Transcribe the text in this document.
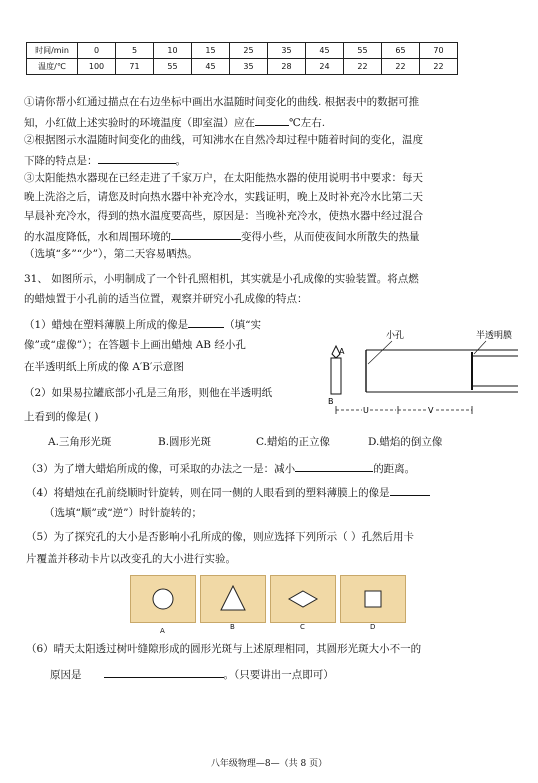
时间/min	0	5	10	15	25	35	45	55	65	70
温度/℃	100	71	55	45	35	28	24	22	22	22
①请你帮小红通过描点在右边坐标中画出水温随时间变化的曲线. 根据表中的数据可推
知，小红做上述实验时的环境温度（即室温）应在	℃左右.
②根据图示水温随时间变化的曲线，可知沸水在自然冷却过程中随着时间的变化，温度
下降的特点是：	。
③太阳能热水器现在已经走进了千家万户，在太阳能热水器的使用说明书中要求：每天
晚上洗浴之后，请您及时向热水器中补充冷水，实践证明，晚上及时补充冷水比第二天
早晨补充冷水，得到的热水温度要高些，原因是：当晚补充冷水，使热水器中经过混合
的水温度降低，水和周围环境的	变得小些，从而使夜间水所散失的热量
（选填“多”“少”），第二天容易晒热。
31、 如图所示，小明制成了一个针孔照相机，其实就是小孔成像的实验装置。将点燃
的蜡烛置于小孔前的适当位置，观察并研究小孔成像的特点：
（1）蜡烛在塑料薄膜上所成的像是	（填“实
像”或“虚像”）；在答题卡上画出蜡烛 AB 经小孔
在半透明纸上所成的像 A′B′示意图
（2）如果易拉罐底部小孔是三角形，则他在半透明纸
上看到的像是( )
A.三角形光斑	B.圆形光斑	C.蜡焰的正立像	D.蜡焰的倒立像
（3）为了增大蜡焰所成的像，可采取的办法之一是：减小	的距离。
（4）将蜡烛在孔前绕顺时针旋转，则在同一侧的人眼看到的塑料薄膜上的像是
（选填“顺”或“逆”）时针旋转的；
（5）为了探究孔的大小是否影响小孔所成的像，则应选择下列所示（ ）孔然后用卡
片覆盖并移动卡片以改变孔的大小进行实验。
A
B
小孔	半透明膜
U	V
A	B	C	D
（6）晴天太阳透过树叶缝隙形成的圆形光斑与上述原理相同，其圆形光斑大小不一的
原因是	。（只要讲出一点即可）
八年级物理—8—（共 8 页）
